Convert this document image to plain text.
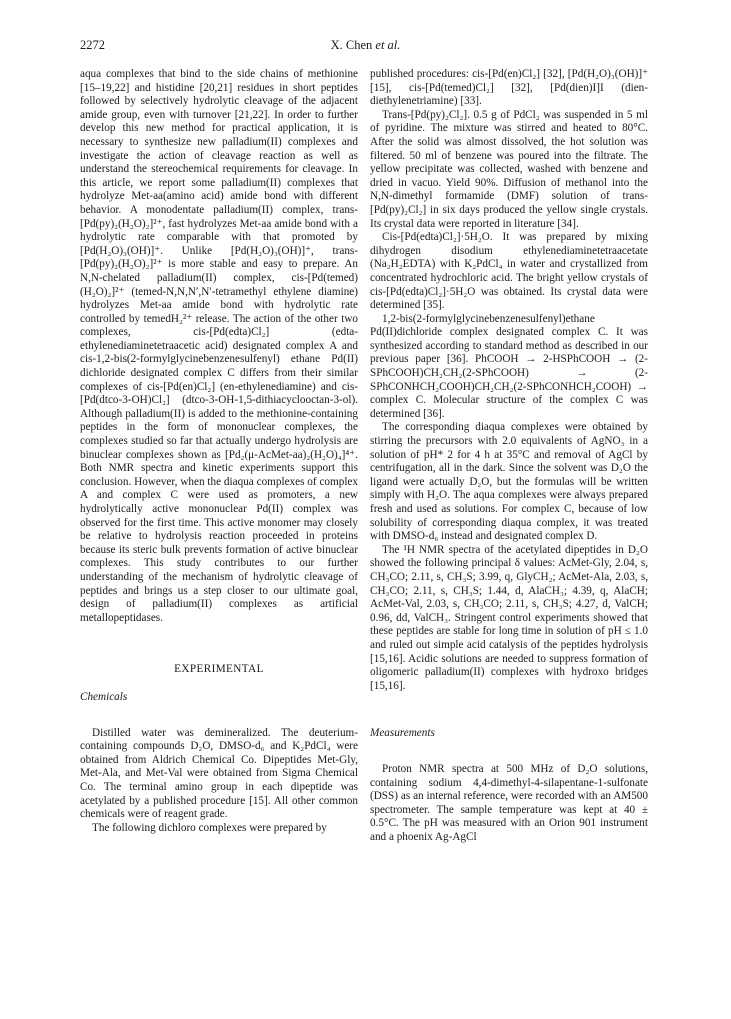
2272	X. Chen et al.

aqua complexes that bind to the side chains of methionine [15–19,22] and histidine [20,21] residues in short peptides followed by selectively hydrolytic cleavage of the adjacent amide group, even with turnover [21,22]. In order to further develop this new method for practical application, it is necessary to synthesize new palladium(II) complexes and investigate the action of cleavage reaction as well as understand the stereochemical requirements for cleavage. In this article, we report some palladium(II) complexes that hydrolyze Met-aa(amino acid) amide bond with different behavior. A monodentate palladium(II) complex, trans-[Pd(py)₂(H₂O)₂]²⁺, fast hydrolyzes Met-aa amide bond with a hydrolytic rate comparable with that promoted by [Pd(H₂O)₃(OH)]⁺. Unlike [Pd(H₂O)₃(OH)]⁺, trans-[Pd(py)₂(H₂O)₂]²⁺ is more stable and easy to prepare. An N,N-chelated palladium(II) complex, cis-[Pd(temed)(H₂O)₂]²⁺ (temed-N,N,N′,N′-tetramethyl ethylene diamine) hydrolyzes Met-aa amide bond with hydrolytic rate controlled by temedH₂²⁺ release. The action of the other two complexes, cis-[Pd(edta)Cl₂] (edta-ethylenediaminetetraacetic acid) designated complex A and cis-1,2-bis(2-formylglycinebenzenesulfenyl) ethane Pd(II) dichloride designated complex C differs from their similar complexes of cis-[Pd(en)Cl₂] (en-ethylenediamine) and cis-[Pd(dtco-3-OH)Cl₂] (dtco-3-OH-1,5-dithiacyclooctan-3-ol). Although palladium(II) is added to the methionine-containing peptides in the form of mononuclear complexes, the complexes studied so far that actually undergo hydrolysis are binuclear complexes shown as [Pd₂(μ-AcMet-aa)₂(H₂O)₄]⁴⁺. Both NMR spectra and kinetic experiments support this conclusion. However, when the diaqua complexes of complex A and complex C were used as promoters, a new hydrolytically active mononuclear Pd(II) complex was observed for the first time. This active monomer may closely be relative to hydrolysis reaction proceeded in proteins because its steric bulk prevents formation of active binuclear complexes. This study contributes to our further understanding of the mechanism of hydrolytic cleavage of peptides and brings us a step closer to our ultimate goal, design of palladium(II) complexes as artificial metallopeptidases.

EXPERIMENTAL
Chemicals

Distilled water was demineralized. The deuterium-containing compounds D₂O, DMSO-d₆ and K₂PdCl₄ were obtained from Aldrich Chemical Co. Dipeptides Met-Gly, Met-Ala, and Met-Val were obtained from Sigma Chemical Co. The terminal amino group in each dipeptide was acetylated by a published procedure [15]. All other common chemicals were of reagent grade.

The following dichloro complexes were prepared by

published procedures: cis-[Pd(en)Cl₂] [32], [Pd(H₂O)₃(OH)]⁺ [15], cis-[Pd(temed)Cl₂] [32], [Pd(dien)I]I (dien-diethylenetriamine) [33].

Trans-[Pd(py)₂Cl₂]. 0.5 g of PdCl₂ was suspended in 5 ml of pyridine. The mixture was stirred and heated to 80°C. After the solid was almost dissolved, the hot solution was filtered. 50 ml of benzene was poured into the filtrate. The yellow precipitate was collected, washed with benzene and dried in vacuo. Yield 90%. Diffusion of methanol into the N,N-dimethyl formamide (DMF) solution of trans-[Pd(py)₂Cl₂] in six days produced the yellow single crystals. Its crystal data were reported in literature [34].

Cis-[Pd(edta)Cl₂]·5H₂O. It was prepared by mixing dihydrogen disodium ethylenediaminetetraacetate (Na₂H₂EDTA) with K₂PdCl₄ in water and crystallized from concentrated hydrochloric acid. The bright yellow crystals of cis-[Pd(edta)Cl₂]·5H₂O was obtained. Its crystal data were determined [35].

1,2-bis(2-formylglycinebenzenesulfenyl)ethane Pd(II)dichloride complex designated complex C. It was synthesized according to standard method as described in our previous paper [36]. PhCOOH → 2-HSPhCOOH → (2-SPhCOOH)CH₂CH₂(2-SPhCOOH) → (2-SPhCONHCH₂COOH)CH₂CH₂(2-SPhCONHCH₂COOH) → complex C. Molecular structure of the complex C was determined [36].

The corresponding diaqua complexes were obtained by stirring the precursors with 2.0 equivalents of AgNO₃ in a solution of pH* 2 for 4 h at 35°C and removal of AgCl by centrifugation, all in the dark. Since the solvent was D₂O the ligand were actually D₂O, but the formulas will be written simply with H₂O. The aqua complexes were always prepared fresh and used as solutions. For complex C, because of low solubility of corresponding diaqua complex, it was treated with DMSO-d₆ instead and designated complex D.

The ¹H NMR spectra of the acetylated dipeptides in D₂O showed the following principal δ values: AcMet-Gly, 2.04, s, CH₃CO; 2.11, s, CH₃S; 3.99, q, GlyCH₂; AcMet-Ala, 2.03, s, CH₃CO; 2.11, s, CH₃S; 1.44, d, AlaCH₃; 4.39, q, AlaCH; AcMet-Val, 2.03, s, CH₃CO; 2.11, s, CH₃S; 4.27, d, ValCH; 0.96, dd, ValCH₃. Stringent control experiments showed that these peptides are stable for long time in solution of pH ≤ 1.0 and ruled out simple acid catalysis of the peptides hydrolysis [15,16]. Acidic solutions are needed to suppress formation of oligomeric palladium(II) complexes with hydroxo bridges [15,16].

Measurements

Proton NMR spectra at 500 MHz of D₂O solutions, containing sodium 4,4-dimethyl-4-silapentane-1-sulfonate (DSS) as an internal reference, were recorded with an AM500 spectrometer. The sample temperature was kept at 40 ± 0.5°C. The pH was measured with an Orion 901 instrument and a phoenix Ag-AgCl
